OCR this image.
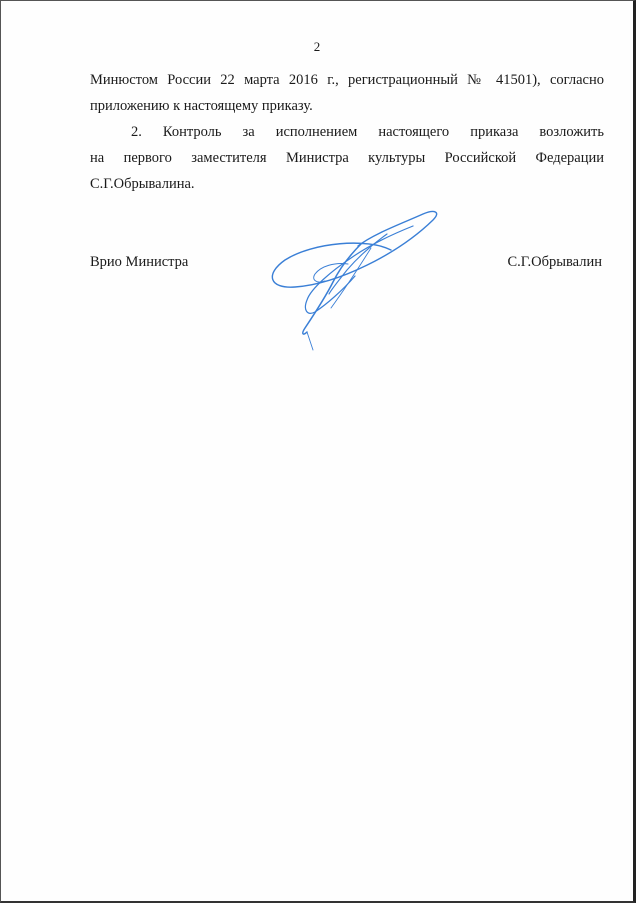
2
Минюстом России 22 марта 2016 г., регистрационный № 41501), согласно
приложению к настоящему приказу.
2. Контроль за исполнением настоящего приказа возложить
на первого заместителя Министра культуры Российской Федерации
С.Г.Обрывалина.
Врио Министра	С.Г.Обрывалин
